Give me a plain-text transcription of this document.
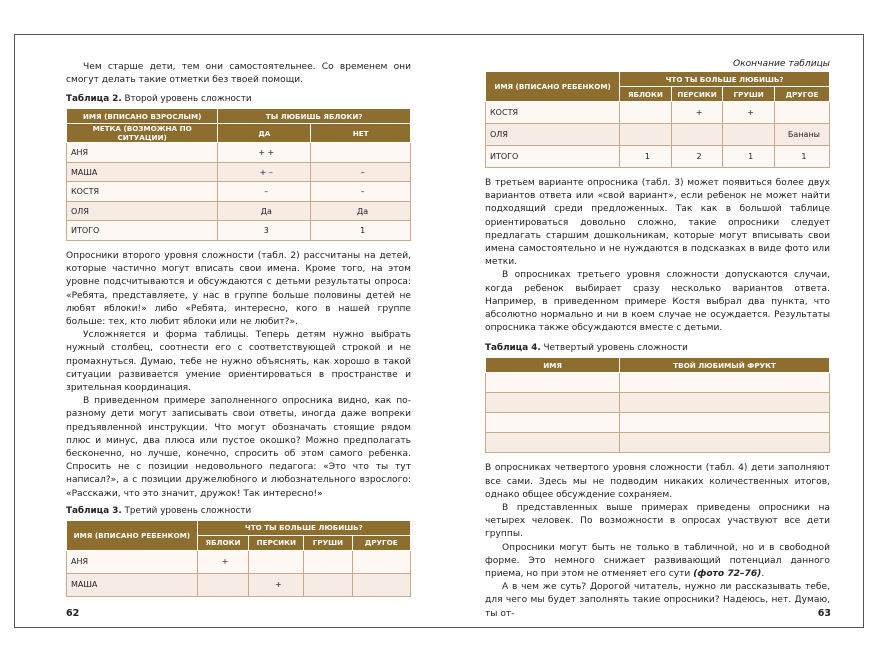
Чем старше дети, тем они самостоятельнее. Со временем они смогут делать такие отметки без твоей помощи.

Таблица 2. Второй уровень сложности
ИМЯ (ВПИСАНО ВЗРОСЛЫМ)	ТЫ ЛЮБИШЬ ЯБЛОКИ?	
МЕТКА (ВОЗМОЖНА ПО СИТУАЦИИ)	ДА	НЕТ
АНЯ	+ +	
МАША	+ –	–
КОСТЯ	–	–
ОЛЯ	Да	Да
ИТОГО	3	1

Опросники второго уровня сложности (табл. 2) рассчитаны на детей, которые частично могут вписать свои имена. Кроме того, на этом уровне подсчитываются и обсуждаются с детьми результаты опроса: «Ребята, представляете, у нас в группе больше половины детей не любят яблоки!» либо «Ребята, интересно, кого в нашей группе больше: тех, кто любит яблоки или не любит?».

Усложняется и форма таблицы. Теперь детям нужно выбрать нужный столбец, соотнести его с соответствующей строкой и не промахнуться. Думаю, тебе не нужно объяснять, как хорошо в такой ситуации развивается умение ориентироваться в пространстве и зрительная координация.

В приведенном примере заполненного опросника видно, как по-разному дети могут записывать свои ответы, иногда даже вопреки предъявленной инструкции. Что могут обозначать стоящие рядом плюс и минус, два плюса или пустое окошко? Можно предполагать бесконечно, но лучше, конечно, спросить об этом самого ребенка. Спросить не с позиции недовольного педагога: «Это что ты тут написал?», а с позиции дружелюбного и любознательного взрослого: «Расскажи, что это значит, дружок! Так интересно!»

Таблица 3. Третий уровень сложности
ИМЯ (ВПИСАНО РЕБЕНКОМ)	ЧТО ТЫ БОЛЬШЕ ЛЮБИШЬ?			
	ЯБЛОКИ	ПЕРСИКИ	ГРУШИ	ДРУГОЕ
АНЯ	+			
МАША		+		
62
Окончание таблицы
ИМЯ (ВПИСАНО РЕБЕНКОМ)	ЧТО ТЫ БОЛЬШЕ ЛЮБИШЬ?			
	ЯБЛОКИ	ПЕРСИКИ	ГРУШИ	ДРУГОЕ
КОСТЯ		+	+	
ОЛЯ				Бананы
ИТОГО	1	2	1	1

В третьем варианте опросника (табл. 3) может появиться более двух вариантов ответа или «свой вариант», если ребенок не может найти подходящий среди предложенных. Так как в большой таблице ориентироваться довольно сложно, такие опросники следует предлагать старшим дошкольникам, которые могут вписывать свои имена самостоятельно и не нуждаются в подсказках в виде фото или метки.

В опросниках третьего уровня сложности допускаются случаи, когда ребенок выбирает сразу несколько вариантов ответа. Например, в приведенном примере Костя выбрал два пункта, что абсолютно нормально и ни в коем случае не осуждается. Результаты опросника также обсуждаются вместе с детьми.

Таблица 4. Четвертый уровень сложности
ИМЯ	ТВОЙ ЛЮБИМЫЙ ФРУКТ

В опросниках четвертого уровня сложности (табл. 4) дети заполняют все сами. Здесь мы не подводим никаких количественных итогов, однако общее обсуждение сохраняем.

В представленных выше примерах приведены опросники на четырех человек. По возможности в опросах участвуют все дети группы.

Опросники могут быть не только в табличной, но и в свободной форме. Это немного снижает развивающий потенциал данного приема, но при этом не отменяет его сути (фото 72–76).

А в чем же суть? Дорогой читатель, нужно ли рассказывать тебе, для чего мы будет заполнять такие опросники? Надеюсь, нет. Думаю, ты от-	63
